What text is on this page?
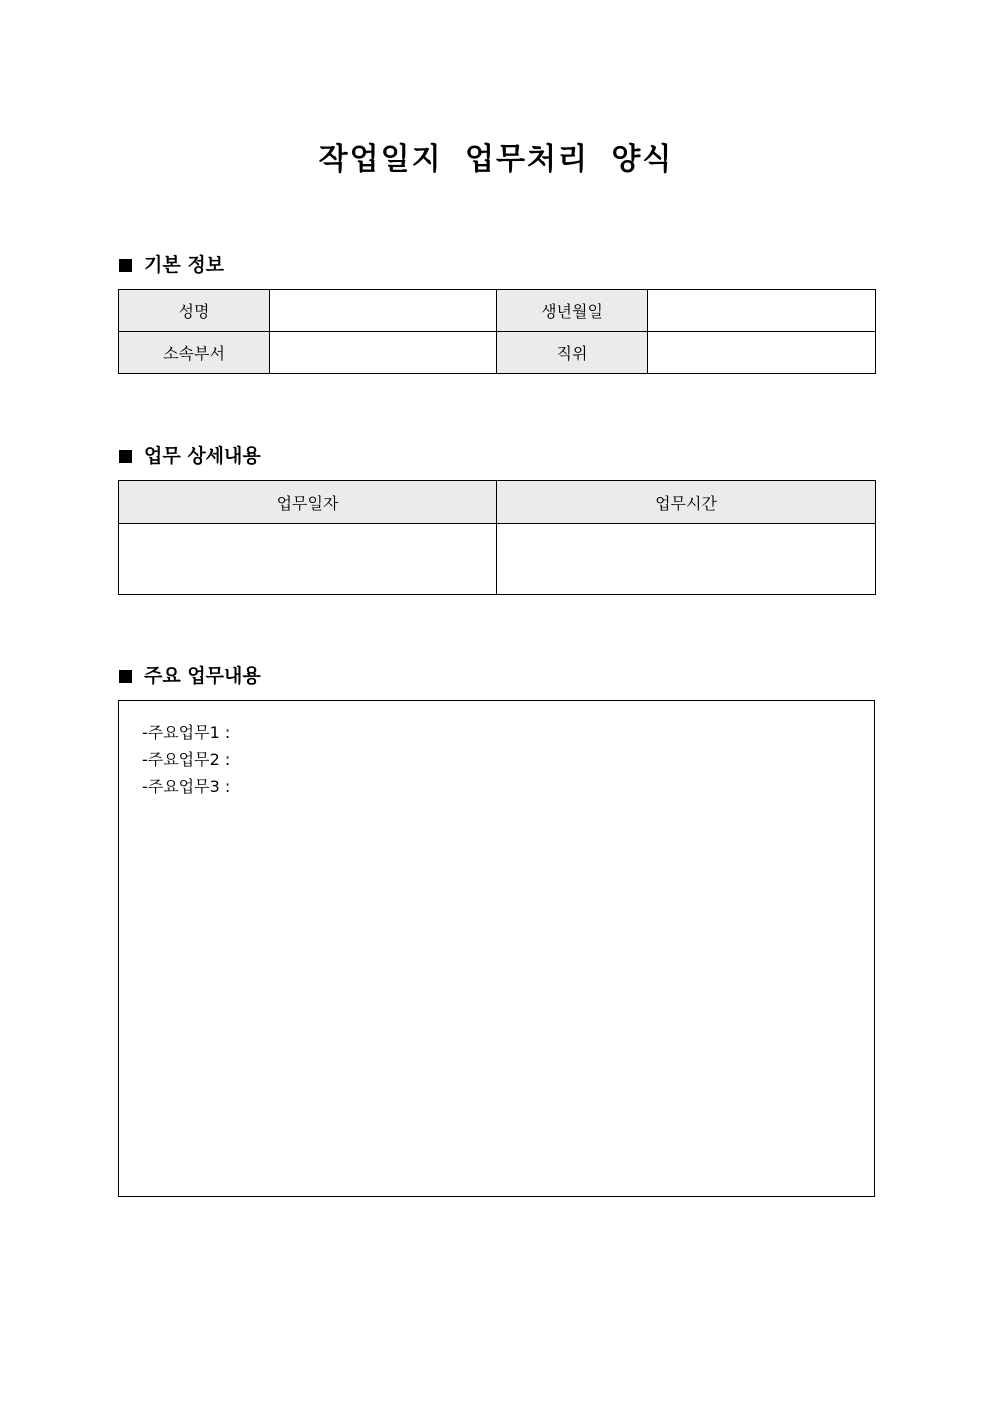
작업일지 업무처리 양식
기본 정보
성명		생년월일	
소속부서		직위	
업무 상세내용
업무일자	업무시간

주요 업무내용
-주요업무1 :
-주요업무2 :
-주요업무3 :
